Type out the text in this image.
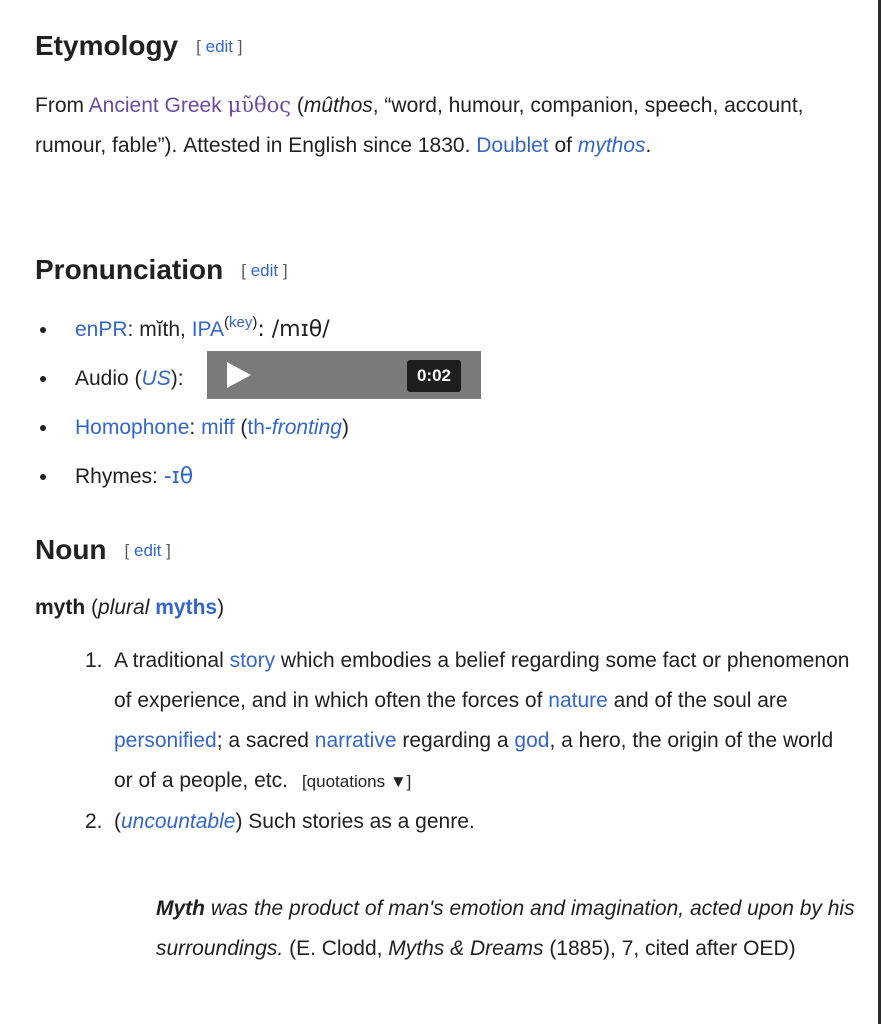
Etymology [ edit ]

From Ancient Greek μῦθος (mûthos, “word, humour, companion, speech, account, rumour, fable”). Attested in English since 1830. Doublet of mythos.

Pronunciation [ edit ]
enPR: mĭth, $IPA^{(key)}$: /mɪθ/
Audio (US):	0:02
Homophone: miff (th-fronting)
Rhymes: -ɪθ
Noun [ edit ]
myth (plural myths)
1. A traditional story which embodies a belief regarding some fact or phenomenon of experience, and in which often the forces of nature and of the soul are personified; a sacred narrative regarding a god, a hero, the origin of the world or of a people, etc. [quotations ▼]
2. (uncountable) Such stories as a genre.
Myth was the product of man's emotion and imagination, acted upon by his surroundings. (E. Clodd, Myths & Dreams (1885), 7, cited after OED)
